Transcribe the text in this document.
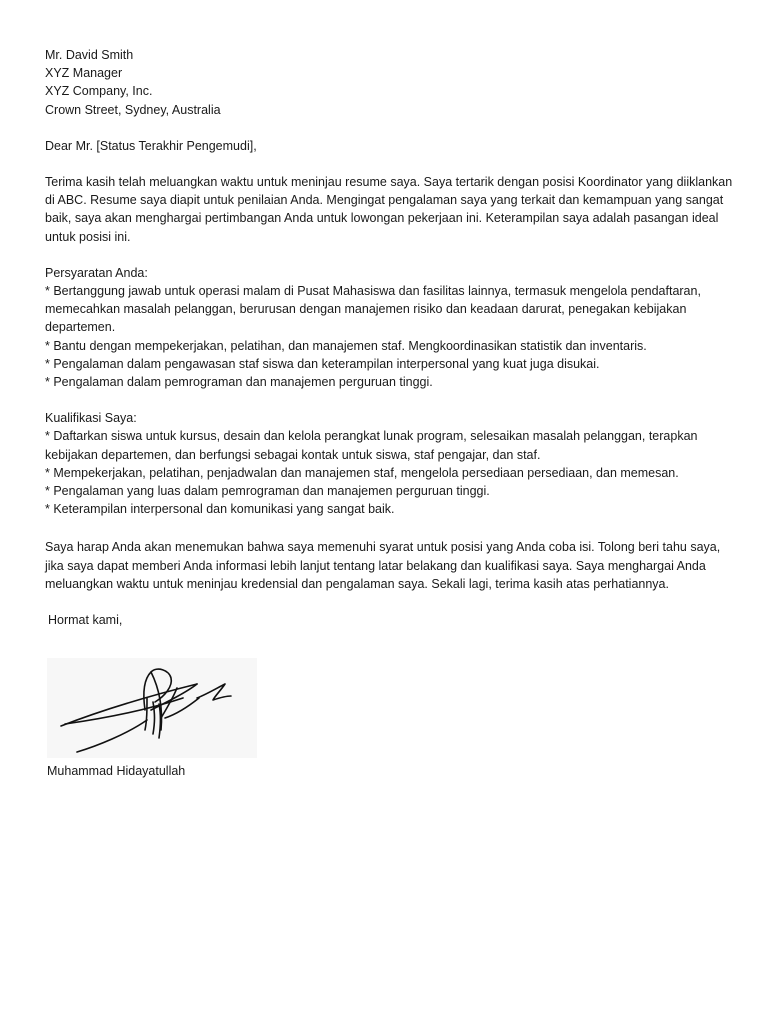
Mr. David Smith
XYZ Manager
XYZ Company, Inc.
Crown Street, Sydney, Australia
Dear Mr. [Status Terakhir Pengemudi],

Terima kasih telah meluangkan waktu untuk meninjau resume saya. Saya tertarik dengan posisi Koordinator yang diiklankan

di ABC. Resume saya diapit untuk penilaian Anda. Mengingat pengalaman saya yang terkait dan kemampuan yang sangat

baik, saya akan menghargai pertimbangan Anda untuk lowongan pekerjaan ini. Keterampilan saya adalah pasangan ideal

untuk posisi ini.

Persyaratan Anda:
* Bertanggung jawab untuk operasi malam di Pusat Mahasiswa dan fasilitas lainnya, termasuk mengelola pendaftaran,
memecahkan masalah pelanggan, berurusan dengan manajemen risiko dan keadaan darurat, penegakan kebijakan
departemen.
* Bantu dengan mempekerjakan, pelatihan, dan manajemen staf. Mengkoordinasikan statistik dan inventaris.
* Pengalaman dalam pengawasan staf siswa dan keterampilan interpersonal yang kuat juga disukai.
* Pengalaman dalam pemrograman dan manajemen perguruan tinggi.
Kualifikasi Saya:
* Daftarkan siswa untuk kursus, desain dan kelola perangkat lunak program, selesaikan masalah pelanggan, terapkan
kebijakan departemen, dan berfungsi sebagai kontak untuk siswa, staf pengajar, dan staf.
* Mempekerjakan, pelatihan, penjadwalan dan manajemen staf, mengelola persediaan persediaan, dan memesan.
* Pengalaman yang luas dalam pemrograman dan manajemen perguruan tinggi.
* Keterampilan interpersonal dan komunikasi yang sangat baik.

Saya harap Anda akan menemukan bahwa saya memenuhi syarat untuk posisi yang Anda coba isi. Tolong beri tahu saya,

jika saya dapat memberi Anda informasi lebih lanjut tentang latar belakang dan kualifikasi saya. Saya menghargai Anda

meluangkan waktu untuk meninjau kredensial dan pengalaman saya. Sekali lagi, terima kasih atas perhatiannya.

Hormat kami,
Muhammad Hidayatullah
